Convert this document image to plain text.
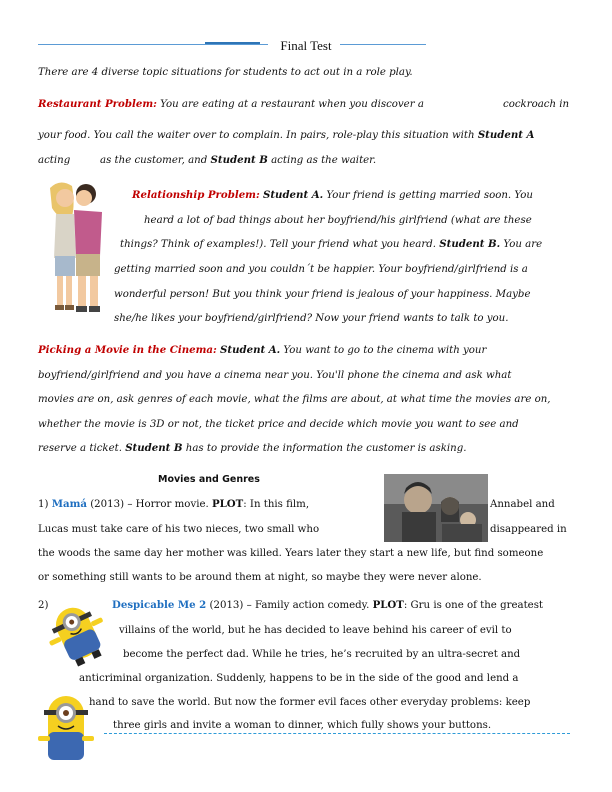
Final Test
There are 4 diverse topic situations for students to act out in a role play.
Restaurant Problem: You are eating at a restaurant when you discover a	cockroach in
your food. You call the waiter over to complain. In pairs, role-play this situation with Student A
acting	as the customer, and Student B acting as the waiter.
Relationship Problem: Student A. Your friend is getting married soon. You
heard a lot of bad things about her boyfriend/his girlfriend (what are these
things? Think of examples!). Tell your friend what you heard. Student B. You are
getting married soon and you couldn´t be happier. Your boyfriend/girlfriend is a
wonderful person! But you think your friend is jealous of your happiness. Maybe
she/he likes your boyfriend/girlfriend? Now your friend wants to talk to you.
Picking a Movie in the Cinema: Student A. You want to go to the cinema with your
boyfriend/girlfriend and you have a cinema near you. You'll phone the cinema and ask what
movies are on, ask genres of each movie, what the films are about, at what time the movies are on,
whether the movie is 3D or not, the ticket price and decide which movie you want to see and
reserve a ticket. Student B has to provide the information the customer is asking.
Movies and Genres
1) Mamá (2013) – Horror movie. PLOT: In this film,	Annabel and
Lucas must take care of his two nieces, two small who	disappeared in
the woods the same day her mother was killed. Years later they start a new life, but find someone
or something still wants to be around them at night, so maybe they were never alone.
2)	Despicable Me 2 (2013) – Family action comedy. PLOT: Gru is one of the greatest
villains of the world, but he has decided to leave behind his career of evil to
become the perfect dad. While he tries, he’s recruited by an ultra-secret and
anticriminal organization. Suddenly, happens to be in the side of the good and lend a
hand to save the world. But now the former evil faces other everyday problems: keep
three girls and invite a woman to dinner, which fully shows your buttons.
